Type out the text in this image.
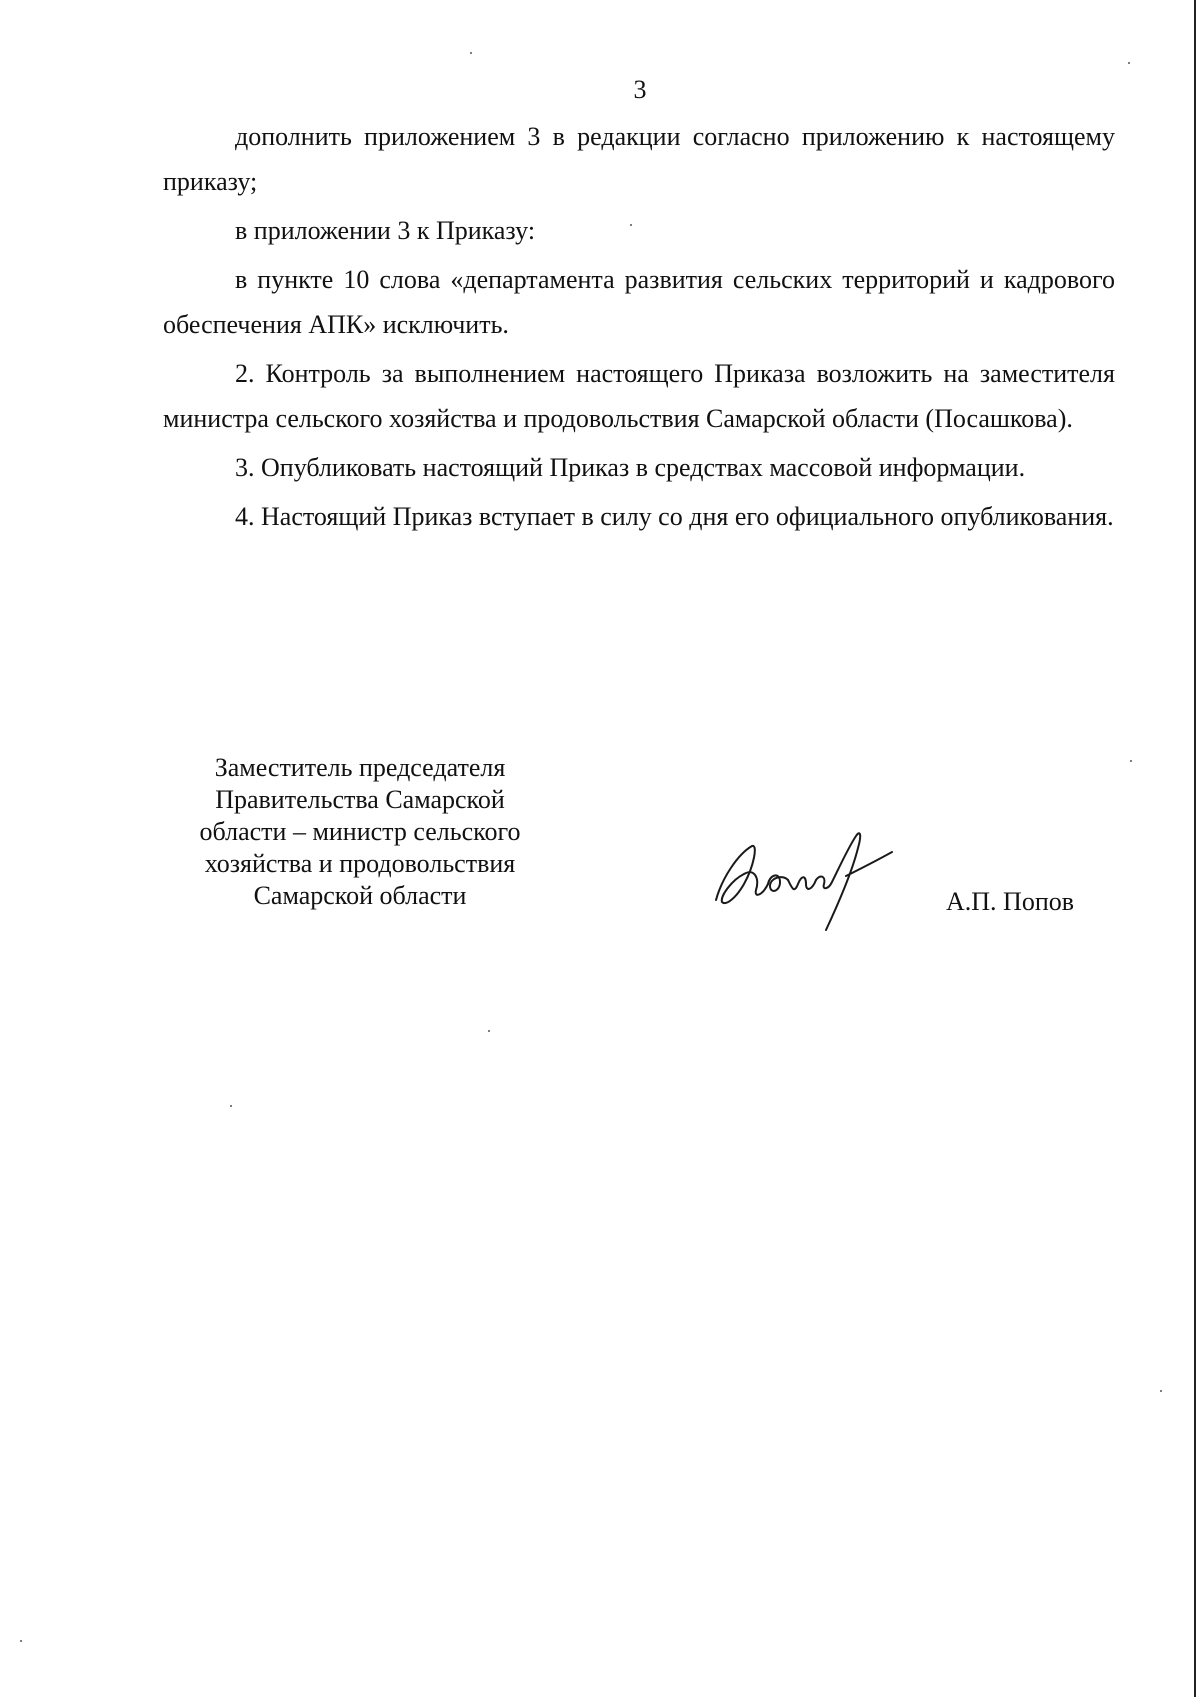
3

дополнить приложением 3 в редакции согласно приложению к настоящему приказу;

в приложении 3 к Приказу:

в пункте 10 слова «департамента развития сельских территорий и кадрового обеспечения АПК» исключить.

2. Контроль за выполнением настоящего Приказа возложить на заместителя министра сельского хозяйства и продовольствия Самарской области (Посашкова).

3. Опубликовать настоящий Приказ в средствах массовой информации.

4. Настоящий Приказ вступает в силу со дня его официального опубликования.

Заместитель председателя
Правительства Самарской
области – министр сельского
хозяйства и продовольствия
Самарской области	А.П. Попов
